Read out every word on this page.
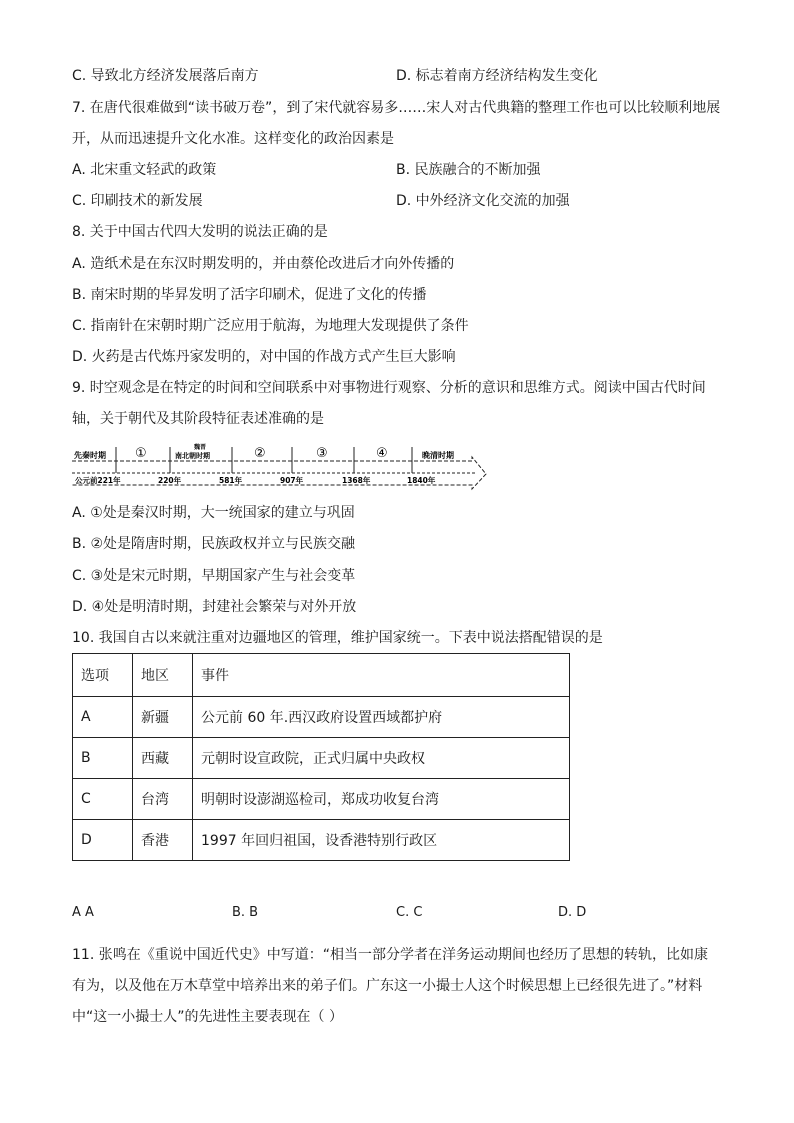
C. 导致北方经济发展落后南方	D. 标志着南方经济结构发生变化
7. 在唐代很难做到“读书破万卷”，到了宋代就容易多……宋人对古代典籍的整理工作也可以比较顺利地展
开，从而迅速提升文化水准。这样变化的政治因素是
A. 北宋重文轻武的政策	B. 民族融合的不断加强
C. 印刷技术的新发展	D. 中外经济文化交流的加强
8. 关于中国古代四大发明的说法正确的是
A. 造纸术是在东汉时期发明的，并由蔡伦改进后才向外传播的
B. 南宋时期的毕昇发明了活字印刷术，促进了文化的传播
C. 指南针在宋朝时期广泛应用于航海，为地理大发现提供了条件
D. 火药是古代炼丹家发明的，对中国的作战方式产生巨大影响
9. 时空观念是在特定的时间和空间联系中对事物进行观察、分析的意识和思维方式。阅读中国古代时间
轴，关于朝代及其阶段特征表述准确的是
先秦时期 ①	魏晋
南北朝时期	②	③	④	晚清时期
公元前221年	220年	581年	907年	1368年	1840年
A. ①处是秦汉时期，大一统国家的建立与巩固
B. ②处是隋唐时期，民族政权并立与民族交融
C. ③处是宋元时期，早期国家产生与社会变革
D. ④处是明清时期，封建社会繁荣与对外开放
10. 我国自古以来就注重对边疆地区的管理，维护国家统一。下表中说法搭配错误的是
选项	地区	事件
A	新疆	公元前 60 年.西汉政府设置西域都护府
B	西藏	元朝时设宣政院，正式归属中央政权
C	台湾	明朝时设澎湖巡检司，郑成功收复台湾
D	香港	1997 年回归祖国，设香港特别行政区
A A	B. B	C. C	D. D
11. 张鸣在《重说中国近代史》中写道：“相当一部分学者在洋务运动期间也经历了思想的转轨，比如康
有为，以及他在万木草堂中培养出来的弟子们。广东这一小撮士人这个时候思想上已经很先进了。”材料
中“这一小撮士人”的先进性主要表现在（ ）
